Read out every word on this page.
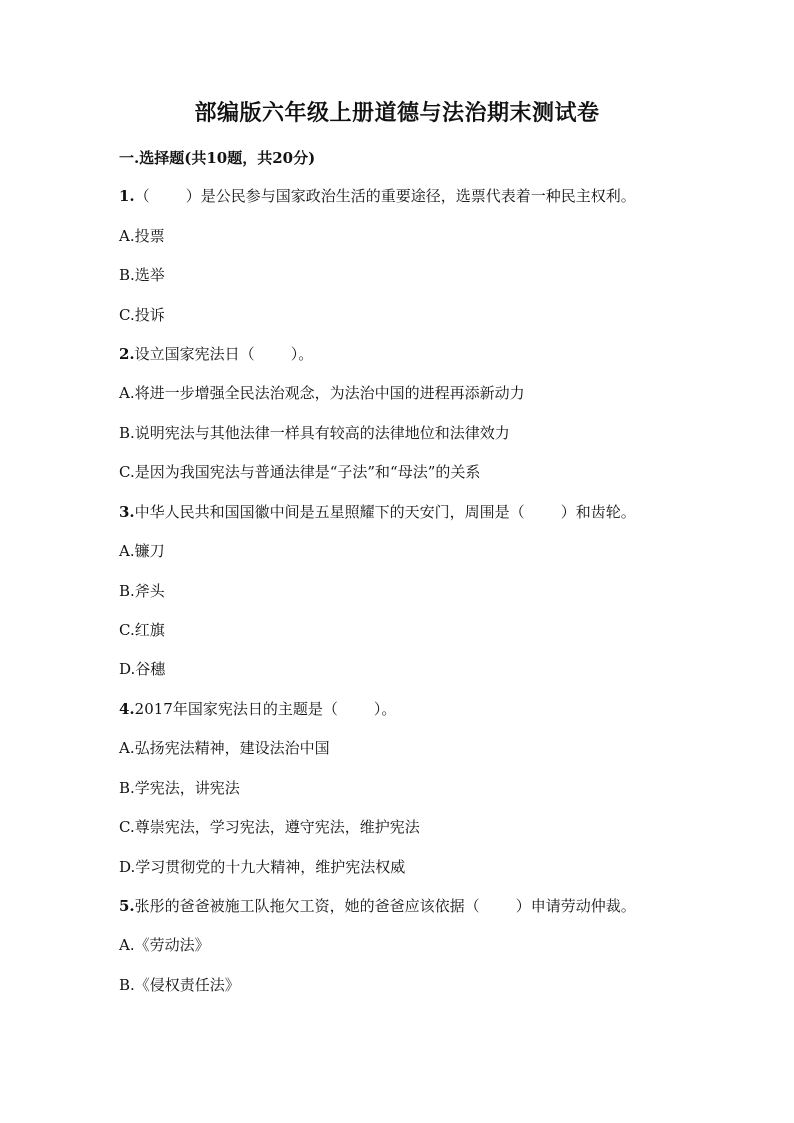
部编版六年级上册道德与法治期末测试卷
一.选择题(共10题，共20分)
1.（ ）是公民参与国家政治生活的重要途径，选票代表着一种民主权利。
A.投票
B.选举
C.投诉
2.设立国家宪法日（ ）。
A.将进一步增强全民法治观念，为法治中国的进程再添新动力
B.说明宪法与其他法律一样具有较高的法律地位和法律效力
C.是因为我国宪法与普通法律是“子法”和“母法”的关系
3.中华人民共和国国徽中间是五星照耀下的天安门，周围是（ ）和齿轮。
A.镰刀
B.斧头
C.红旗
D.谷穗
4.2017年国家宪法日的主题是（ ）。
A.弘扬宪法精神，建设法治中国
B.学宪法，讲宪法
C.尊崇宪法，学习宪法，遵守宪法，维护宪法
D.学习贯彻党的十九大精神，维护宪法权威
5.张彤的爸爸被施工队拖欠工资，她的爸爸应该依据（ ）申请劳动仲裁。
A.《劳动法》
B.《侵权责任法》
